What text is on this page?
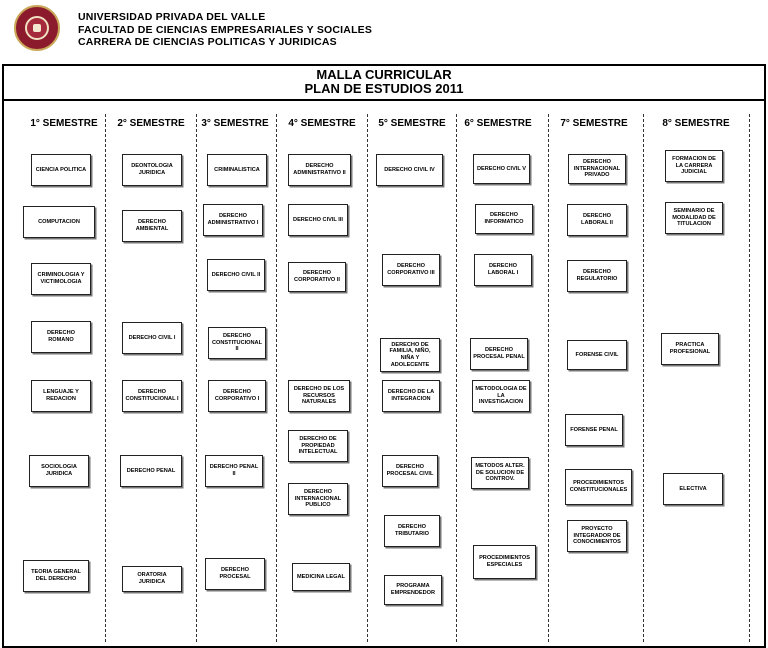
UNIVERSIDAD PRIVADA DEL VALLE
FACULTAD DE CIENCIAS EMPRESARIALES Y SOCIALES
CARRERA DE CIENCIAS POLITICAS Y JURIDICAS
MALLA CURRICULAR
PLAN DE ESTUDIOS 2011
1° SEMESTRE 2° SEMESTRE 3° SEMESTRE 4° SEMESTRE 5° SEMESTRE 6° SEMESTRE	7° SEMESTRE	8° SEMESTRE
CIENCIA POLITICA
COMPUTACION
CRIMINOLOGIA Y VICTIMOLOGIA
DERECHO ROMANO
LENGUAJE Y REDACION
SOCIOLOGIA JURIDICA
TEORIA GENERAL DEL DERECHO
DEONTOLOGIA JURIDICA
DERECHO AMBIENTAL
DERECHO CIVIL I
DERECHO CONSTITUCIONAL I
DERECHO PENAL
ORATORIA JURIDICA
CRIMINALISTICA
DERECHO ADMINISTRATIVO I
DERECHO CIVIL II
DERECHO CONSTITUCIONAL II
DERECHO CORPORATIVO I
DERECHO PENAL II
DERECHO PROCESAL
DERECHO ADMINISTRATIVO II
DERECHO CIVIL III
DERECHO CORPORATIVO II
DERECHO DE LOS RECURSOS NATURALES
DERECHO DE PROPIEDAD INTELECTUAL
DERECHO INTERNACIONAL PUBLICO
MEDICINA LEGAL
DERECHO CIVIL IV
DERECHO CORPORATIVO III
DERECHO DE FAMILIA, NIÑO, NIÑA Y ADOLECENTE
DERECHO DE LA INTEGRACION
DERECHO PROCESAL CIVIL
DERECHO TRIBUTARIO
PROGRAMA EMPRENDEDOR
DERECHO CIVIL V
DERECHO INFORMATICO
DERECHO LABORAL I
DERECHO PROCESAL PENAL
METODOLOGIA DE LA INVESTIGACION
METODOS ALTER. DE SOLUCION DE CONTROV.
PROCEDIMIENTOS ESPECIALES
DERECHO INTERNACIONAL PRIVADO
DERECHO LABORAL II
DERECHO REGULATORIO
FORENSE CIVIL
FORENSE PENAL
PROCEDIMIENTOS CONSTITUCIONALES
PROYECTO INTEGRADOR DE CONOCIMIENTOS
FORMACION DE LA CARRERA JUDICIAL
SEMINARIO DE MODALIDAD DE TITULACION
PRACTICA PROFESIONAL
ELECTIVA
